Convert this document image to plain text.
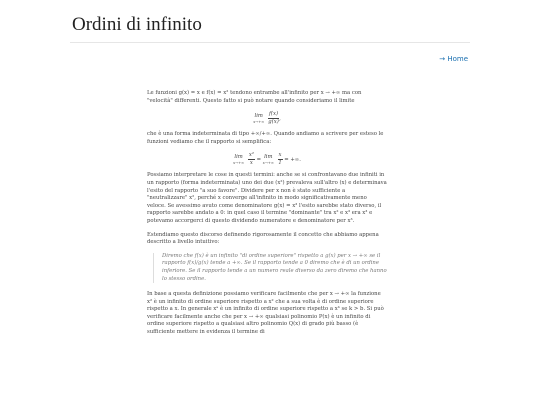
Ordini di infinito
→ Home

Le funzioni g(x) = x e f(x) = x² tendono entrambe all'infinito per x → +∞ ma con "velocità" differenti. Questo fatto si può notare quando consideriamo il limite

lim
x→+∞
$\frac{f(x)}{g(x)}$ ,

che è una forma indeterminata di tipo +∞/+∞. Quando andiamo a scrivere per esteso le funzioni vediamo che il rapporto si semplifica:

lim
x→+∞
$\frac{\text{x²}}{x} = \lim$
x→+∞
$\frac{x}{1}$ = +∞.

Possiamo interpretare le cose in questi termini: anche se si confrontavano due infiniti in un rapporto (forma indeterminata) uno dei due (x²) prevaleva sull'altro (x) e determinava l'esito del rapporto "a suo favore". Dividere per x non è stato sufficiente a "neutralizzare" x², perché x converge all'infinito in modo significativamente meno veloce. Se avessimo avuto come denominatore g(x) = x³ l'esito sarebbe stato diverso, il rapporto sarebbe andato a 0: in quel caso il termine "dominante" tra x² e x³ era x³ e potevamo accorgerci di questo dividendo numeratore e denominatore per x³.

Estendiamo questo discorso definendo rigorosamente il concetto che abbiamo appena descritto a livello intuitivo:

Diremo che f(x) è un infinito "di ordine superiore" rispetto a g(x) per x → +∞ se il rapporto f(x)/g(x) tende a +∞. Se il rapporto tende a 0 diremo che è di un ordine inferiore. Se il rapporto tende a un numero reale diverso da zero diremo che hanno lo stesso ordine.

In base a questa definizione possiamo verificare facilmente che per x → +∞ la funzione x² è un infinito di ordine superiore rispetto a x² che a sua volta è di ordine superiore rispetto a x. In generale xᵃ è un infinito di ordine superiore rispetto a xᵇ se k > b. Si può verificare facilmente anche che per x → +∞ qualsiasi polinomio P(x) è un infinito di ordine superiore rispetto a qualsiasi altro polinomio Q(x) di grado più basso (è sufficiente mettere in evidenza il termine di
